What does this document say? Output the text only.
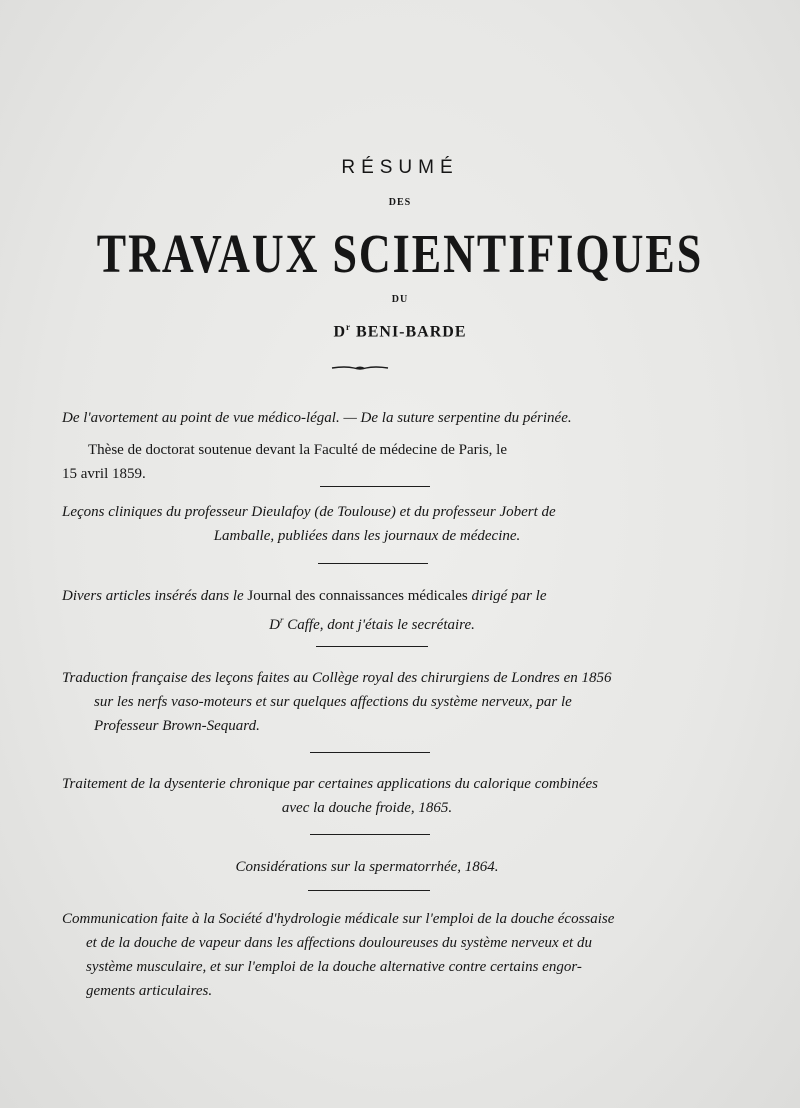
RÉSUMÉ
DES
TRAVAUX SCIENTIFIQUES
DU
$D^r$ BENI-BARDE
De l'avortement au point de vue médico-légal. — De la suture serpentine du périnée.
Thèse de doctorat soutenue devant la Faculté de médecine de Paris, le
15 avril 1859.
Leçons cliniques du professeur Dieulafoy (de Toulouse) et du professeur Jobert de
Lamballe, publiées dans les journaux de médecine.
Divers articles insérés dans le Journal des connaissances médicales dirigé par le
$D^r$ Caffe, dont j'étais le secrétaire.
Traduction française des leçons faites au Collège royal des chirurgiens de Londres en 1856
sur les nerfs vaso-moteurs et sur quelques affections du système nerveux, par le
Professeur Brown-Sequard.
Traitement de la dysenterie chronique par certaines applications du calorique combinées
avec la douche froide, 1865.
Considérations sur la spermatorrhée, 1864.
Communication faite à la Société d'hydrologie médicale sur l'emploi de la douche écossaise
et de la douche de vapeur dans les affections douloureuses du système nerveux et du
système musculaire, et sur l'emploi de la douche alternative contre certains engor-
gements articulaires.
